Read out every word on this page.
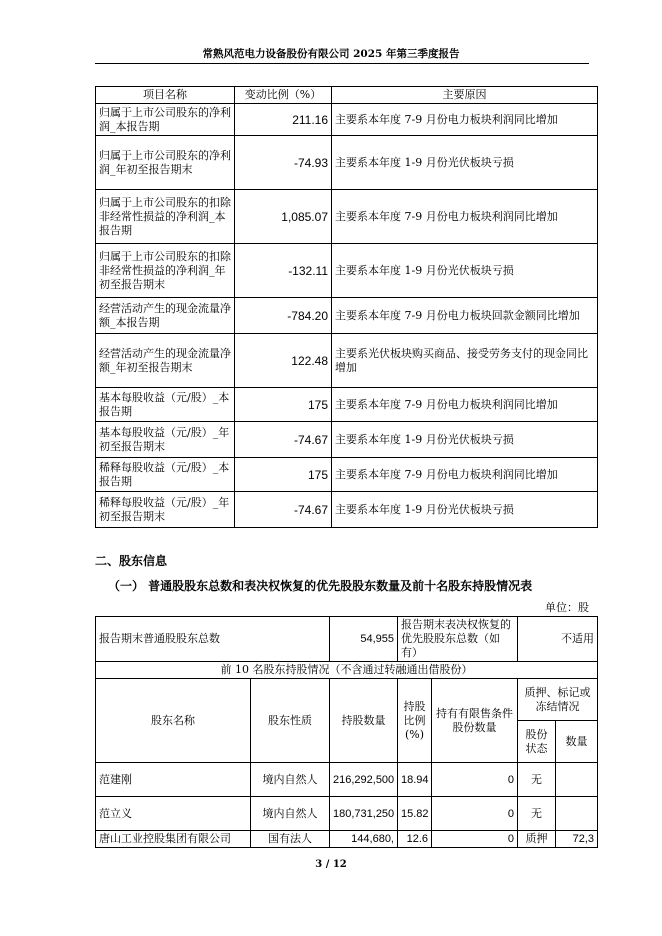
常熟风范电力设备股份有限公司 2025 年第三季度报告
项目名称	变动比例（%）	主要原因
归属于上市公司股东的净利润_本报告期	211.16	主要系本年度 7-9 月份电力板块利润同比增加
归属于上市公司股东的净利润_年初至报告期末	-74.93	主要系本年度 1-9 月份光伏板块亏损
归属于上市公司股东的扣除非经常性损益的净利润_本报告期	1,085.07	主要系本年度 7-9 月份电力板块利润同比增加
归属于上市公司股东的扣除非经常性损益的净利润_年初至报告期末	-132.11	主要系本年度 1-9 月份光伏板块亏损
经营活动产生的现金流量净额_本报告期	-784.20	主要系本年度 7-9 月份电力板块回款金额同比增加
经营活动产生的现金流量净额_年初至报告期末	122.48	主要系光伏板块购买商品、接受劳务支付的现金同比增加
基本每股收益（元/股）_本报告期	175	主要系本年度 7-9 月份电力板块利润同比增加
基本每股收益（元/股）_年初至报告期末	-74.67	主要系本年度 1-9 月份光伏板块亏损
稀释每股收益（元/股）_本报告期	175	主要系本年度 7-9 月份电力板块利润同比增加
稀释每股收益（元/股）_年初至报告期末	-74.67	主要系本年度 1-9 月份光伏板块亏损
二、股东信息
（一） 普通股股东总数和表决权恢复的优先股股东数量及前十名股东持股情况表
单位：股
报告期末普通股股东总数		54,955	报告期末表决权恢复的优先股股东总数（如有）		不适用	
前 10 名股东持股情况（不含通过转融通出借股份）						
股东名称	股东性质	持股数量	持股比例(%)	持有有限售条件股份数量	质押、标记或冻结情况	
					股份状态	数量
范建刚	境内自然人	216,292,500	18.94	0	无	
范立义	境内自然人	180,731,250	15.82	0	无	
唐山工业控股集团有限公司	国有法人	144,680,	12.6	0	质押	72,3
3 / 12
